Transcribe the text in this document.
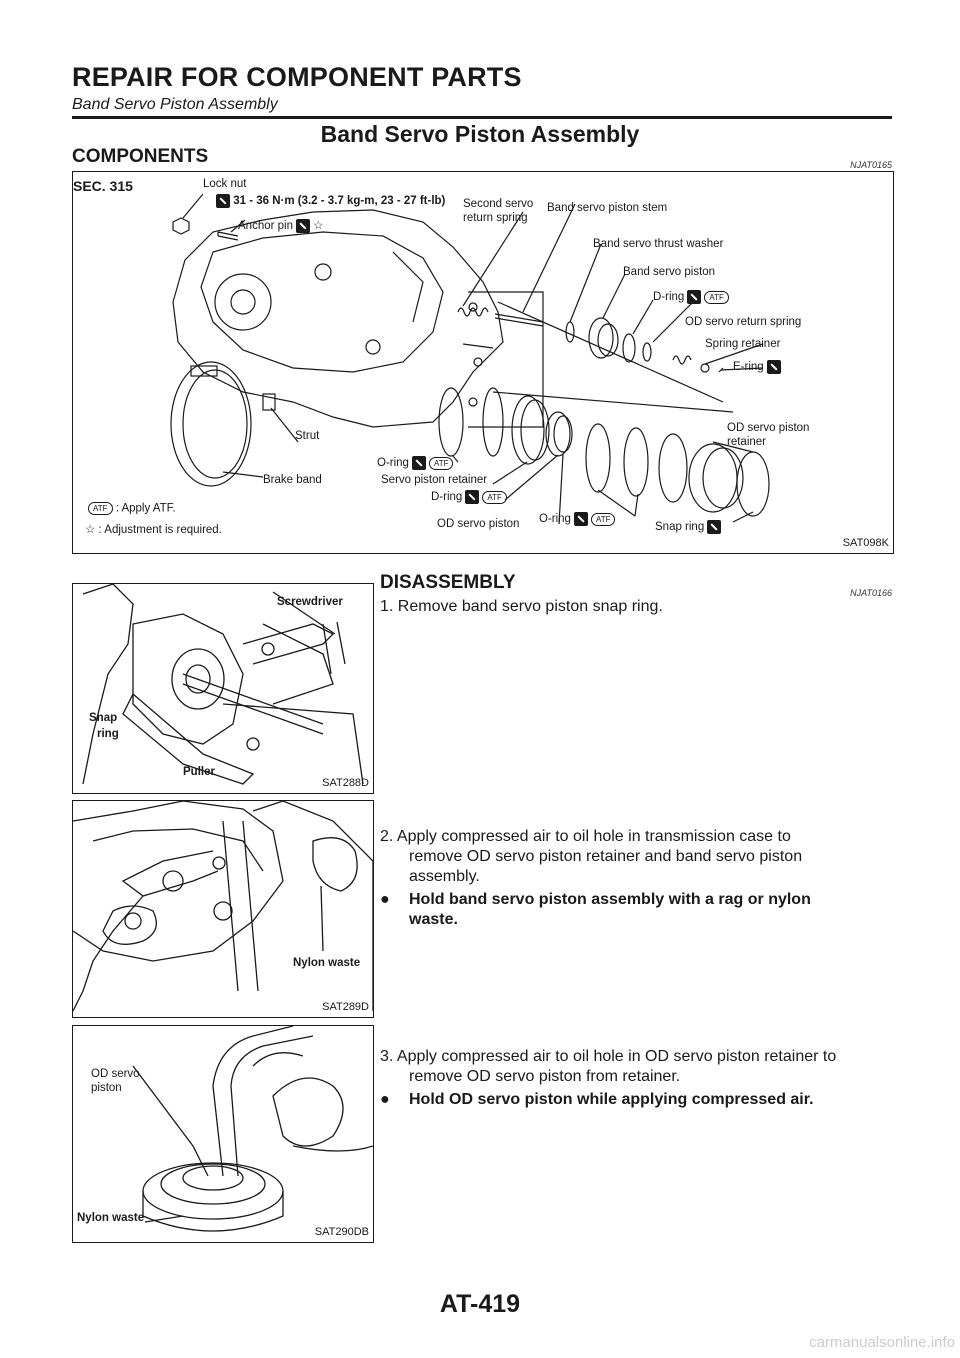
REPAIR FOR COMPONENT PARTS
Band Servo Piston Assembly
Band Servo Piston Assembly
COMPONENTS	NJAT0165
SEC. 315	Lock nut
31 - 36 N·m (3.2 - 3.7 kg-m, 23 - 27 ft-lb)
Anchor pin ☆
Second servo
return spring
Band servo piston stem
Band servo thrust washer
Band servo piston
D-ring	ATF
OD servo return spring
Spring retainer
E-ring
OD servo piston
retainer
Strut
Brake band
O-ring	ATF
Servo piston retainer
D-ring	ATF
OD servo piston O-ring	ATF
Snap ring
ATF : Apply ATF.
☆ : Adjustment is required.
SAT098K
DISASSEMBLY	NJAT0166
Screwdriver
Snap
ring
Puller
SAT288D
1. Remove band servo piston snap ring.
Nylon waste
SAT289D
2. Apply compressed air to oil hole in transmission case to
remove OD servo piston retainer and band servo piston
assembly.
● Hold band servo piston assembly with a rag or nylon
waste.
OD servo
piston
Nylon waste
SAT290DB
3. Apply compressed air to oil hole in OD servo piston retainer to
remove OD servo piston from retainer.
● Hold OD servo piston while applying compressed air.
AT-419
carmanualsonline.info
